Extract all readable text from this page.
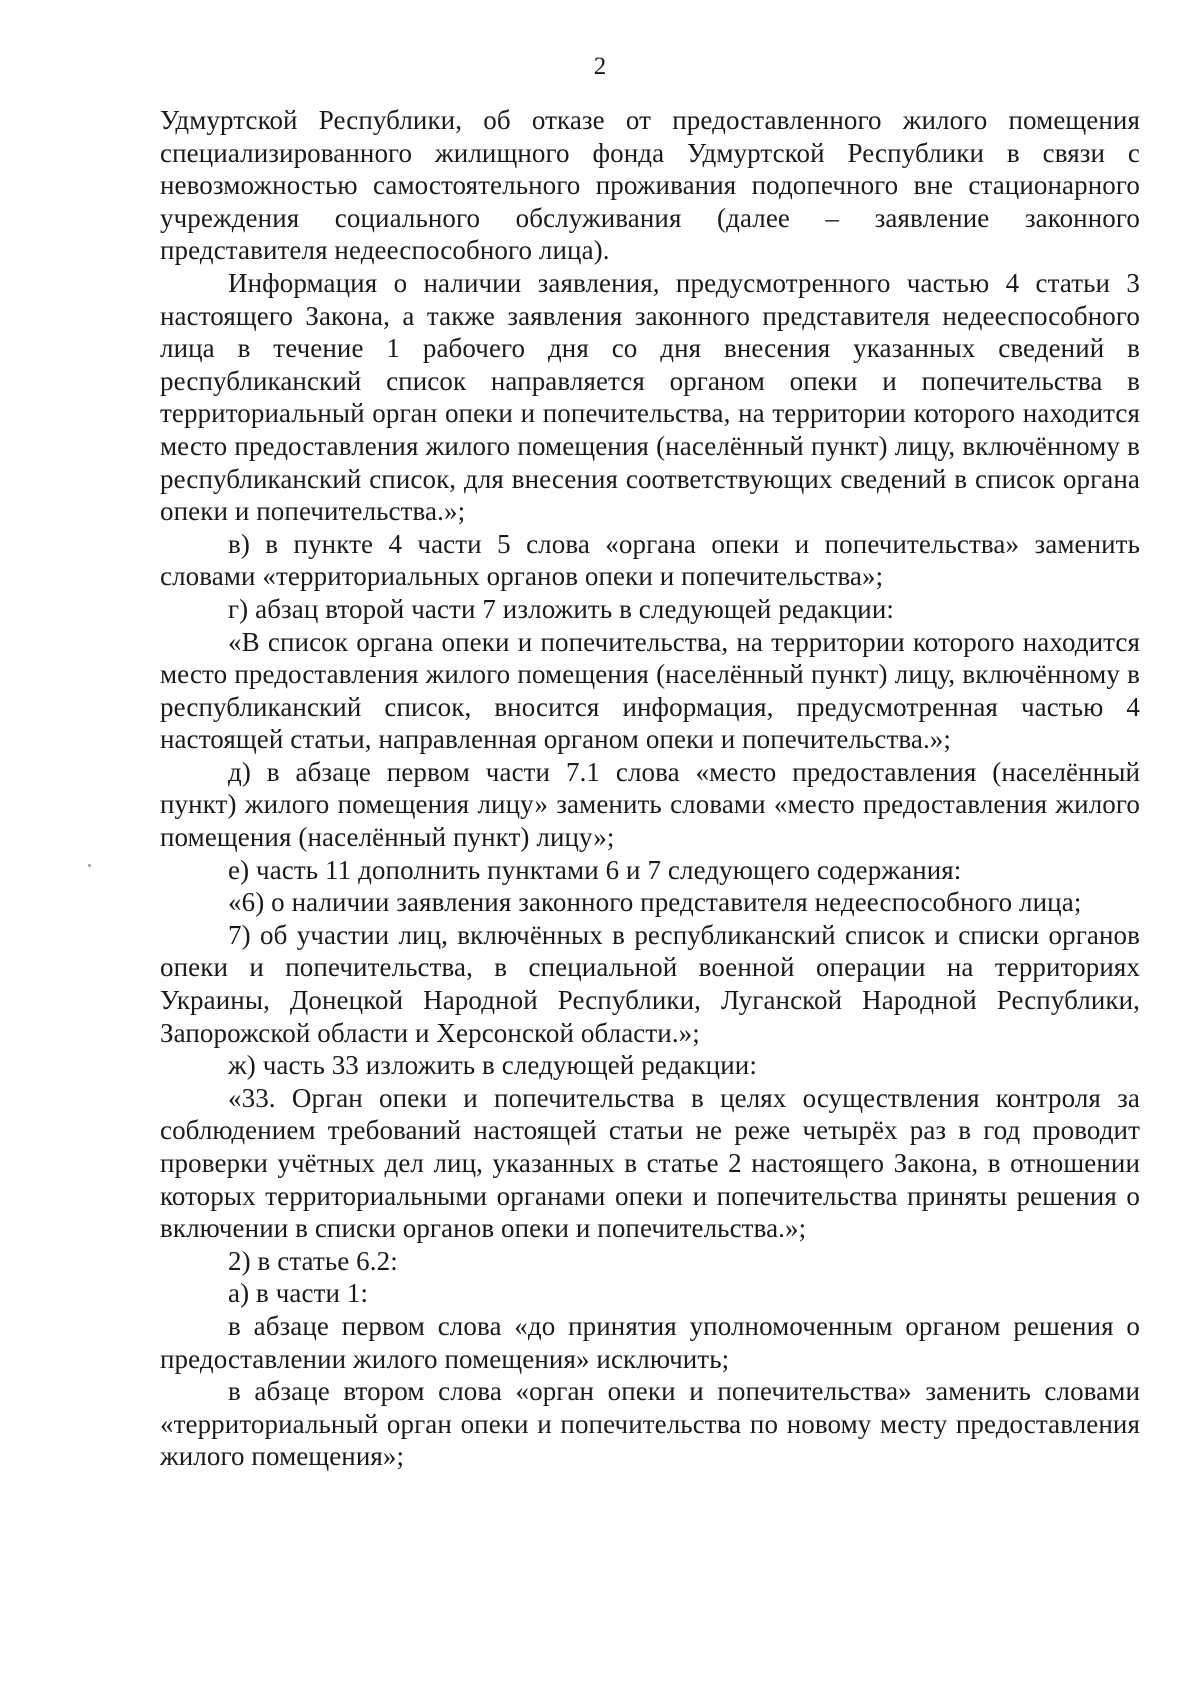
2

Удмуртской Республики, об отказе от предоставленного жилого помещения специализированного жилищного фонда Удмуртской Республики в связи с невозможностью самостоятельного проживания подопечного вне стационарного учреждения социального обслуживания (далее – заявление законного представителя недееспособного лица).

Информация о наличии заявления, предусмотренного частью 4 статьи 3 настоящего Закона, а также заявления законного представителя недееспособного лица в течение 1 рабочего дня со дня внесения указанных сведений в республиканский список направляется органом опеки и попечительства в территориальный орган опеки и попечительства, на территории которого находится место предоставления жилого помещения (населённый пункт) лицу, включённому в республиканский список, для внесения соответствующих сведений в список органа опеки и попечительства.»;

в) в пункте 4 части 5 слова «органа опеки и попечительства» заменить словами «территориальных органов опеки и попечительства»;

г) абзац второй части 7 изложить в следующей редакции:

«В список органа опеки и попечительства, на территории которого находится место предоставления жилого помещения (населённый пункт) лицу, включённому в республиканский список, вносится информация, предусмотренная частью 4 настоящей статьи, направленная органом опеки и попечительства.»;

д) в абзаце первом части 7.1 слова «место предоставления (населённый пункт) жилого помещения лицу» заменить словами «место предоставления жилого помещения (населённый пункт) лицу»;

е) часть 11 дополнить пунктами 6 и 7 следующего содержания:

«6) о наличии заявления законного представителя недееспособного лица;

7) об участии лиц, включённых в республиканский список и списки органов опеки и попечительства, в специальной военной операции на территориях Украины, Донецкой Народной Республики, Луганской Народной Республики, Запорожской области и Херсонской области.»;

ж) часть 33 изложить в следующей редакции:

«33. Орган опеки и попечительства в целях осуществления контроля за соблюдением требований настоящей статьи не реже четырёх раз в год проводит проверки учётных дел лиц, указанных в статье 2 настоящего Закона, в отношении которых территориальными органами опеки и попечительства приняты решения о включении в списки органов опеки и попечительства.»;

2) в статье 6.2:

а) в части 1:

в абзаце первом слова «до принятия уполномоченным органом решения о предоставлении жилого помещения» исключить;

в абзаце втором слова «орган опеки и попечительства» заменить словами «территориальный орган опеки и попечительства по новому месту предоставления жилого помещения»;
